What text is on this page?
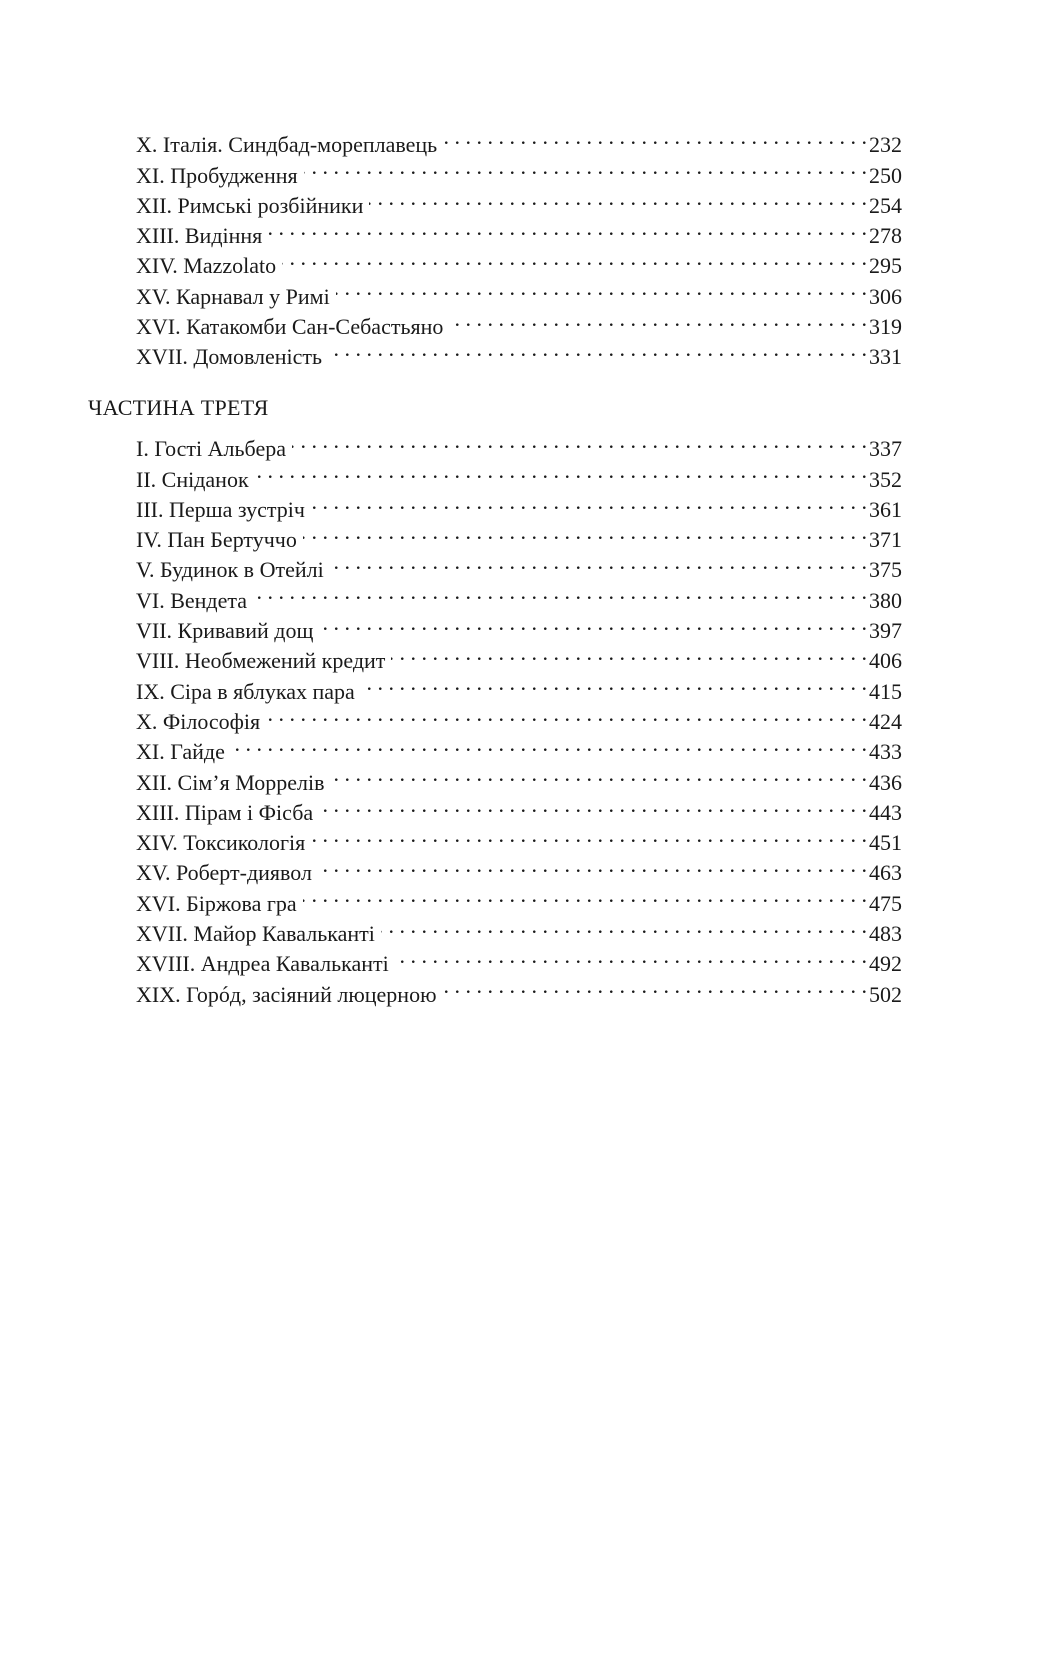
X. Італія. Синдбад-мореплавець . . .	232
XI. Пробудження . . .	250
XII. Римські розбійники . . .	254
XIII. Видіння . . .	278
XIV. Mazzolato . . .	295
XV. Карнавал у Римі . . .	306
XVI. Катакомби Сан-Себастьяно . . .	319
XVII. Домовленість . . .	331
ЧАСТИНА ТРЕТЯ
I. Гості Альбера . . .	337
II. Сніданок . . .	352
III. Перша зустріч . . .	361
IV. Пан Бертуччо . . .	371
V. Будинок в Отейлі . . .	375
VI. Вендета . . .	380
VII. Кривавий дощ . . .	397
VIII. Необмежений кредит . . .	406
IX. Сіра в яблуках пара . . .	415
X. Філософія . . .	424
XI. Гайде . . .	433
XII. Сім’я Моррелів . . .	436
XIII. Пірам і Фісба . . .	443
XIV. Токсикологія . . .	451
XV. Роберт-диявол . . .	463
XVI. Біржова гра . . .	475
XVII. Майор Кавальканті . . .	483
XVIII. Андреа Кавальканті . . .	492
XIX. Горóд, засіяний люцерною . . .	502
